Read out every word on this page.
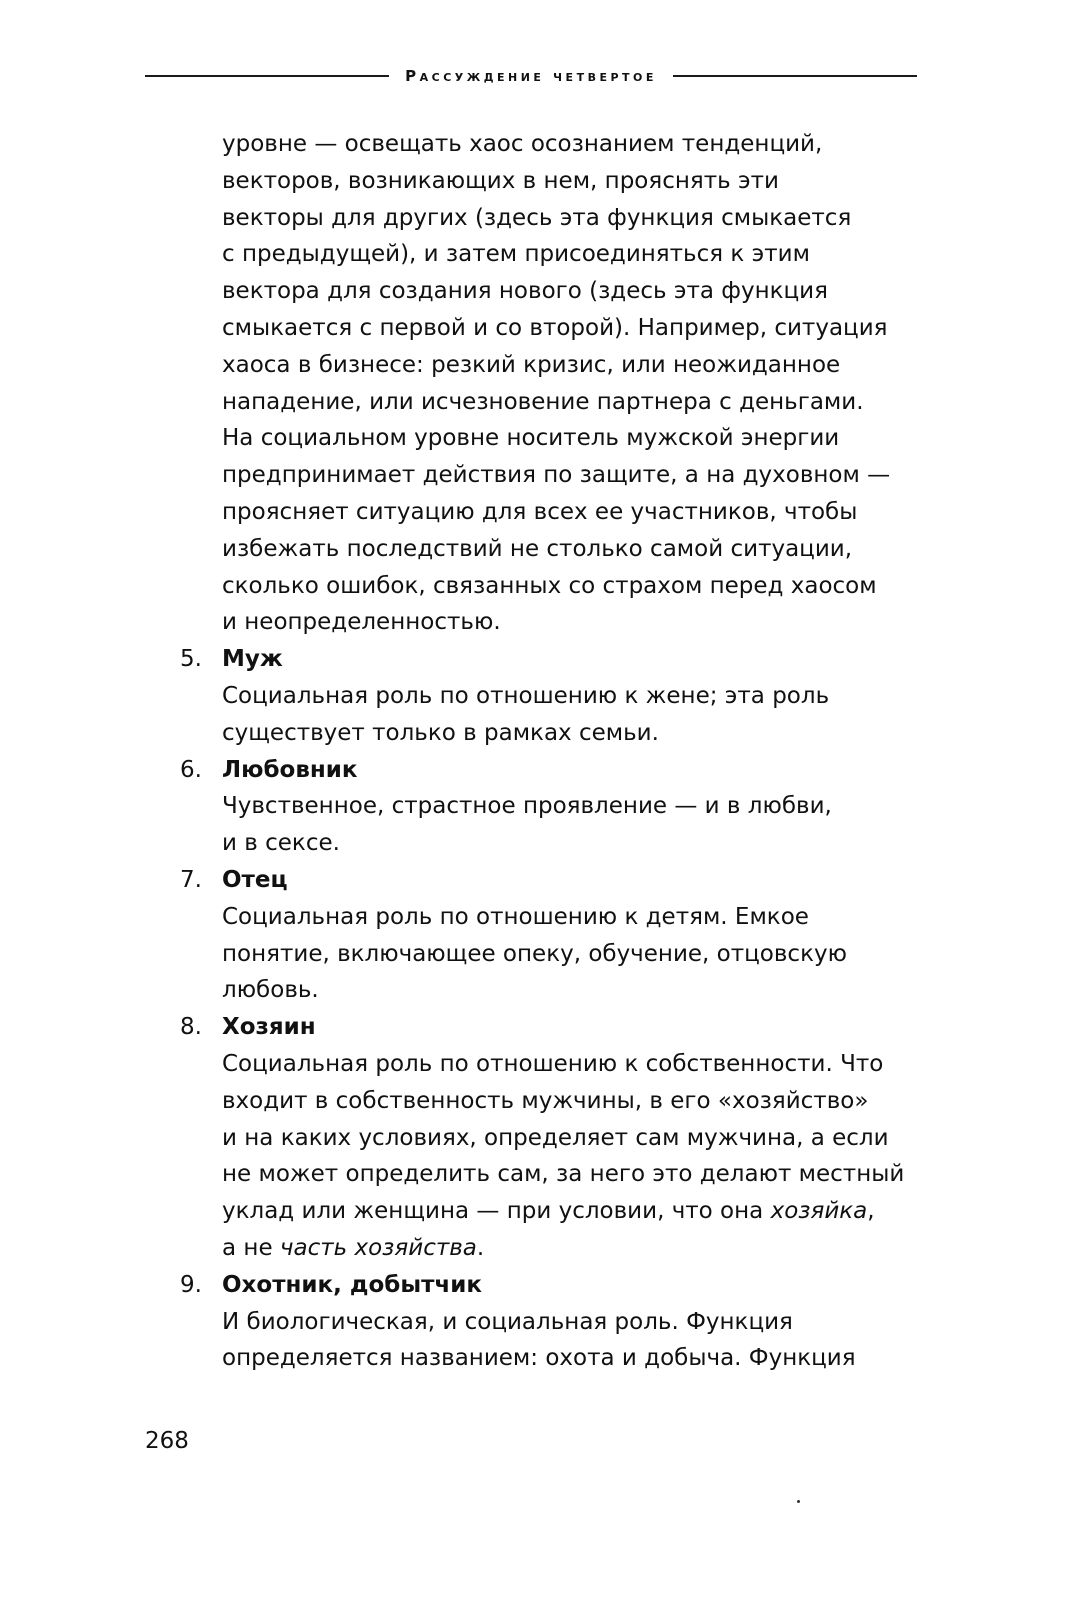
Рассуждение четвертое

уровне — освещать хаос осознанием тенденций,
векторов, возникающих в нем, прояснять эти
векторы для других (здесь эта функция смыкается
с предыдущей), и затем присоединяться к этим
вектора для создания нового (здесь эта функция
смыкается с первой и со второй). Например, ситуация
хаоса в бизнесе: резкий кризис, или неожиданное
нападение, или исчезновение партнера с деньгами.
На социальном уровне носитель мужской энергии
предпринимает действия по защите, а на духовном —
проясняет ситуацию для всех ее участников, чтобы
избежать последствий не столько самой ситуации,
сколько ошибок, связанных со страхом перед хаосом
и неопределенностью.

5. Муж
Социальная роль по отношению к жене; эта роль
существует только в рамках семьи.
6. Любовник
Чувственное, страстное проявление — и в любви,
и в сексе.
7. Отец
Социальная роль по отношению к детям. Емкое
понятие, включающее опеку, обучение, отцовскую
любовь.
8. Хозяин
Социальная роль по отношению к собственности. Что
входит в собственность мужчины, в его «хозяйство»
и на каких условиях, определяет сам мужчина, а если
не может определить сам, за него это делают местный
уклад или женщина — при условии, что она хозяйка,
а не часть хозяйства.
9. Охотник, добытчик
И биологическая, и социальная роль. Функция
определяется названием: охота и добыча. Функция
268
